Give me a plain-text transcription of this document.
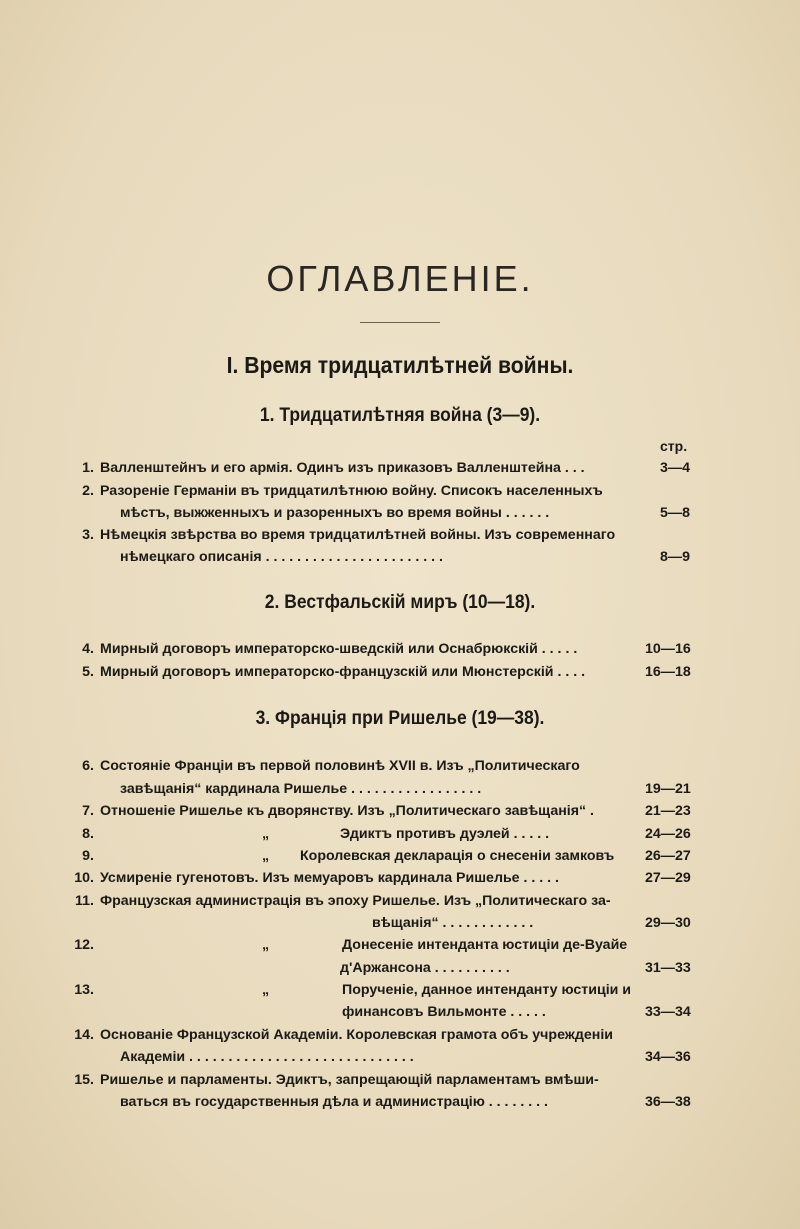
ОГЛАВЛЕНІЕ.
I. Время тридцатилѣтней войны.
1. Тридцатилѣтняя война (3—9).
стр.
1. Валленштейнъ и его армія. Одинъ изъ приказовъ Валленштейна . . .	3—4
2. Разореніе Германіи въ тридцатилѣтнюю войну. Списокъ населенныхъ
мѣстъ, выжженныхъ и разоренныхъ во время войны . . . . . .	5—8
3. Нѣмецкія звѣрства во время тридцатилѣтней войны. Изъ современнаго
нѣмецкаго описанія . . . . . . . . . . . . . . . . . . . . . . .	8—9
2. Вестфальскій миръ (10—18).
4. Мирный договоръ императорско-шведскій или Оснабрюкскій . . . . .	10—16
5. Мирный договоръ императорско-французскій или Мюнстерскій . . . .	16—18
3. Франція при Ришелье (19—38).
6. Состояніе Франціи въ первой половинѣ XVII в. Изъ „Политическаго
завѣщанія“ кардинала Ришелье . . . . . . . . . . . . . . . . .	19—21
7. Отношеніе Ришелье къ дворянству. Изъ „Политическаго завѣщанія“ .	21—23
8.	„	Эдиктъ противъ дуэлей . . . . .	24—26
9.	„ Королевская декларація о снесеніи замковъ 26—27
10. Усмиреніе гугенотовъ. Изъ мемуаровъ кардинала Ришелье . . . . .	27—29
11. Французская администрація въ эпоху Ришелье. Изъ „Политическаго за-
вѣщанія“ . . . . . . . . . . . .	29—30
12.	„	Донесеніе интенданта юстиціи де-Вуайе
д'Аржансона . . . . . . . . . .	31—33
13.	„	Порученіе, данное интенданту юстиціи и
финансовъ Вильмонте . . . . .	33—34
14. Основаніе Французской Академіи. Королевская грамота объ учрежденіи
Академіи . . . . . . . . . . . . . . . . . . . . . . . . . . . . .	34—36
15. Ришелье и парламенты. Эдиктъ, запрещающій парламентамъ вмѣши-
ваться въ государственныя дѣла и администрацію . . . . . . . .	36—38
